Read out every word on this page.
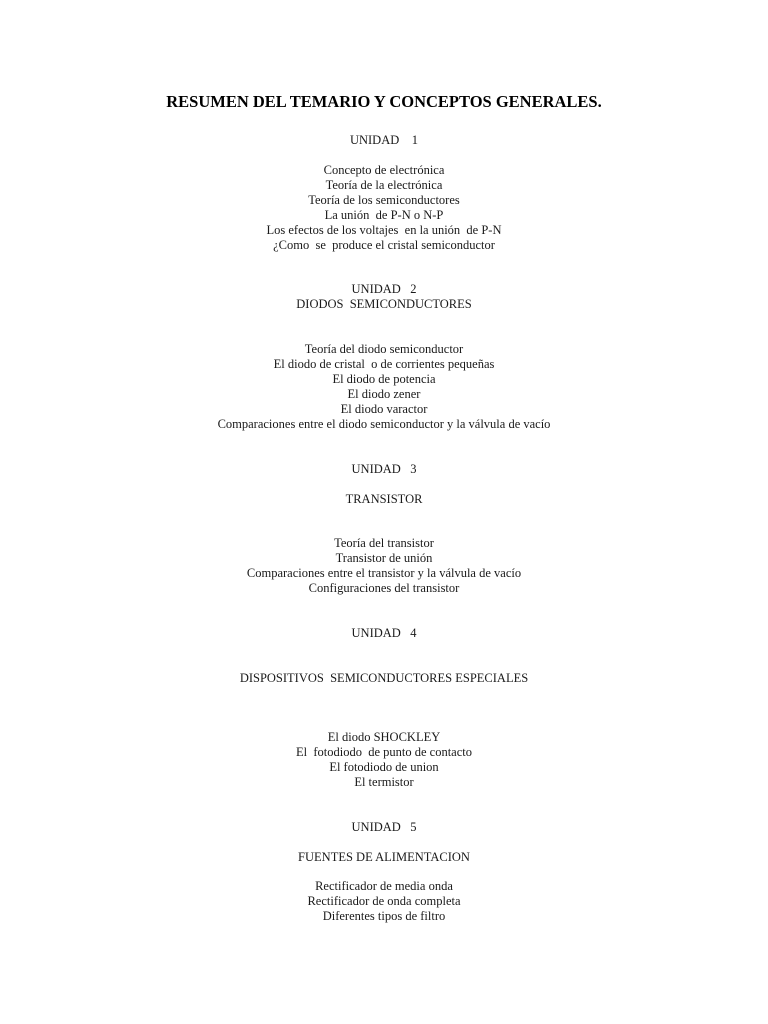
RESUMEN DEL TEMARIO Y CONCEPTOS GENERALES.
UNIDAD    1
Concepto de electrónica
Teoría de la electrónica
Teoría de los semiconductores
La unión  de P-N o N-P
Los efectos de los voltajes  en la unión  de P-N
¿Como  se  produce el cristal semiconductor
UNIDAD   2
DIODOS  SEMICONDUCTORES
Teoría del diodo semiconductor
El diodo de cristal  o de corrientes pequeñas
El diodo de potencia
El diodo zener
El diodo varactor
Comparaciones entre el diodo semiconductor y la válvula de vacío
UNIDAD   3
TRANSISTOR
Teoría del transistor
Transistor de unión
Comparaciones entre el transistor y la válvula de vacío
Configuraciones del transistor
UNIDAD   4
DISPOSITIVOS  SEMICONDUCTORES ESPECIALES
El diodo SHOCKLEY
El  fotodiodo  de punto de contacto
El fotodiodo de union
El termistor
UNIDAD   5
FUENTES DE ALIMENTACION
Rectificador de media onda
Rectificador de onda completa
Diferentes tipos de filtro
